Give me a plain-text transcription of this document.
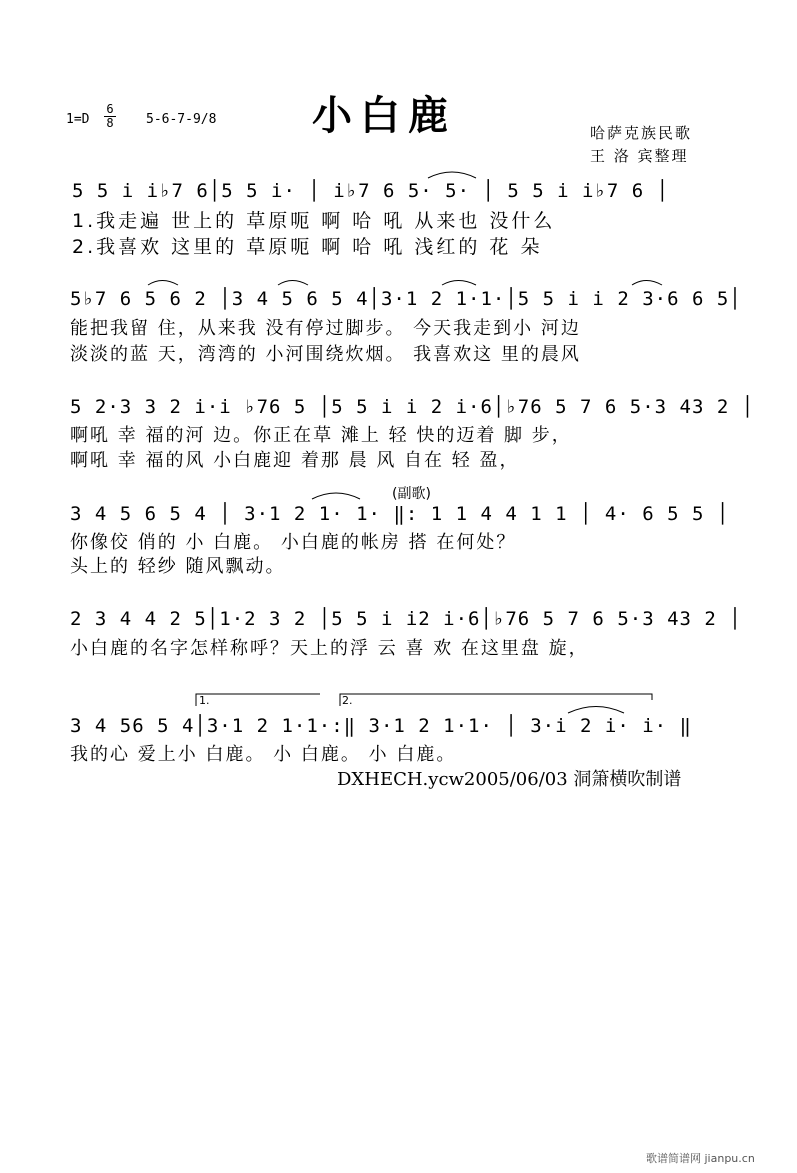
小白鹿
1=D
6
8 5-6-7-9/8
哈萨克族民歌
王 洛 宾整理
5 5 i i♭7 6│5 5 i· │ i♭7 6 5· 5· │ 5 5 i i♭7 6 │
1.我走遍 世上的 草原呃 啊 哈 吼 从来也 没什么
2.我喜欢 这里的 草原呃 啊 哈 吼 浅红的 花 朵
5♭7 6 5 6 2 │3 4 5 6 5 4│3·1 2 1·1·│5 5 i i 2 3·6 6 5│
能把我留 住，从来我 没有停过脚步。 今天我走到小 河边
淡淡的蓝 天，湾湾的 小河围绕炊烟。 我喜欢这 里的晨风
5 2·3 3 2 i·i ♭76 5 │5 5 i i 2 i·6│♭76 5 7 6 5·3 43 2 │
啊吼 幸 福的河 边。你正在草 滩上 轻 快的迈着 脚 步，
啊吼 幸 福的风 小白鹿迎 着那 晨 风 自在 轻 盈，
(副歌)
3 4 5 6 5 4 │ 3·1 2 1· 1· ‖: 1 1 4 4 1 1 │ 4· 6 5 5 │
你像佼 俏的 小 白鹿。 小白鹿的帐房 搭 在何处？
头上的 轻纱 随风飘动。
2 3 4 4 2 5│1·2 3 2 │5 5 i i2 i·6│♭76 5 7 6 5·3 43 2 │
小白鹿的名字怎样称呼？天上的浮 云 喜 欢 在这里盘 旋，
1.	2.
3 4 56 5 4│3·1 2 1·1·:‖ 3·1 2 1·1· │ 3·i 2 i· i· ‖
我的心 爱上小 白鹿。 小 白鹿。 小 白鹿。
DXHECH.ycw2005/06/03 洞箫横吹制谱
歌谱简谱网 jianpu.cn
